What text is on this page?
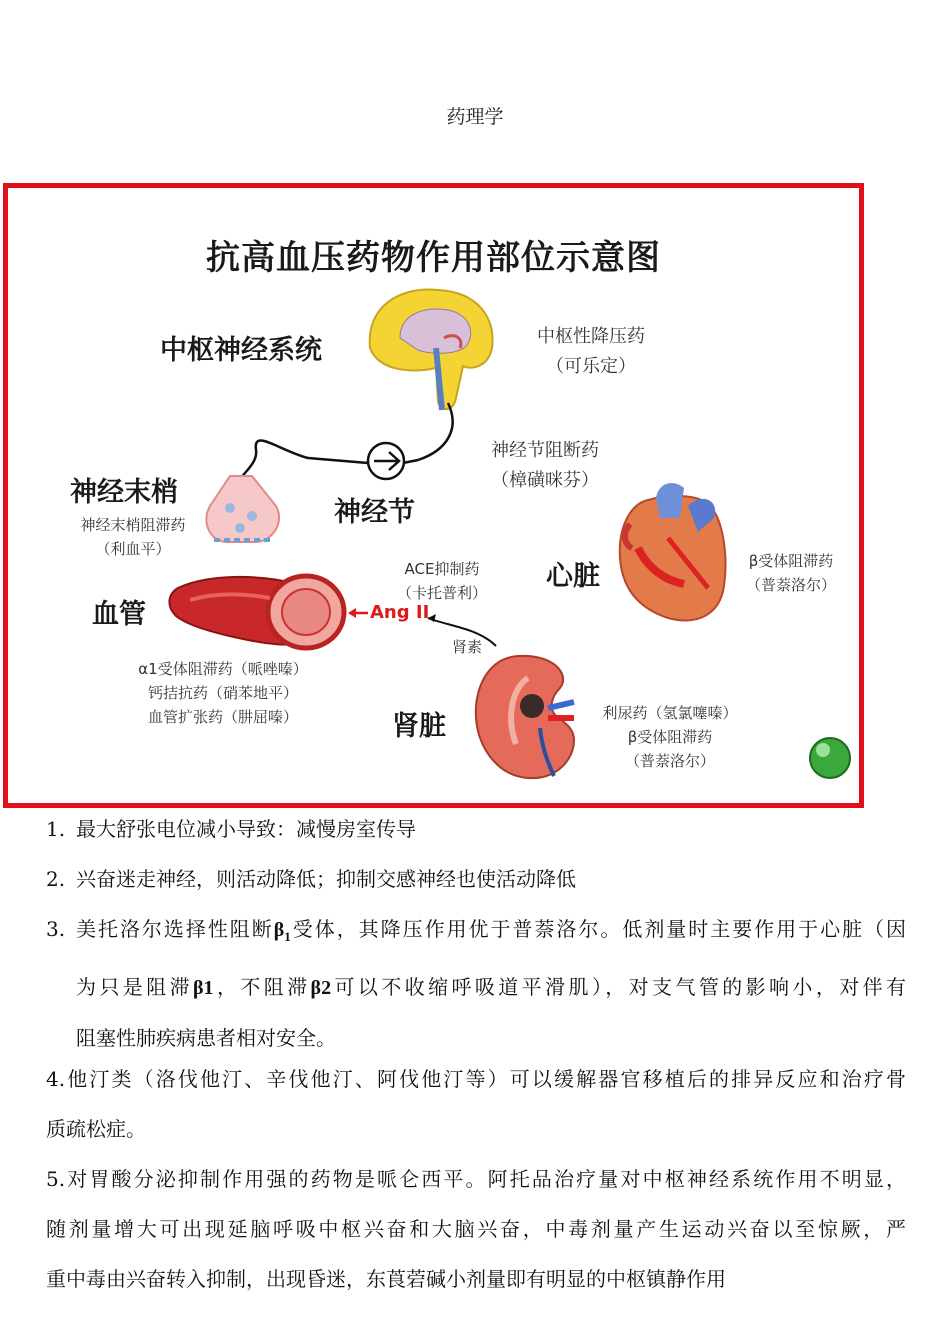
药理学
抗高血压药物作用部位示意图
中枢神经系统	中枢性降压药
（可乐定）
神经节阻断药
（樟磺咪芬）
神经节
神经末梢
神经末梢阻滞药
（利血平）
ACE抑制药
（卡托普利）
心脏	β受体阻滞药
（普萘洛尔）
血管	Ang II
肾素
α1受体阻滞药（哌唑嗪）
钙拮抗药（硝苯地平）
血管扩张药（肼屈嗪）	肾脏	利尿药（氢氯噻嗪）
β受体阻滞药
（普萘洛尔）
1. 最大舒张电位减小导致：减慢房室传导
2. 兴奋迷走神经，则活动降低；抑制交感神经也使活动降低
3. 美托洛尔选择性阻断$\beta_1$受体，其降压作用优于普萘洛尔。低剂量时主要作用于心脏（因
为只是阻滞β1，不阻滞β2可以不收缩呼吸道平滑肌），对支气管的影响小，对伴有
阻塞性肺疾病患者相对安全。
4.他汀类（洛伐他汀、辛伐他汀、阿伐他汀等）可以缓解器官移植后的排异反应和治疗骨
质疏松症。
5.对胃酸分泌抑制作用强的药物是哌仑西平。阿托品治疗量对中枢神经系统作用不明显，
随剂量增大可出现延脑呼吸中枢兴奋和大脑兴奋，中毒剂量产生运动兴奋以至惊厥，严
重中毒由兴奋转入抑制，出现昏迷，东莨菪碱小剂量即有明显的中枢镇静作用
